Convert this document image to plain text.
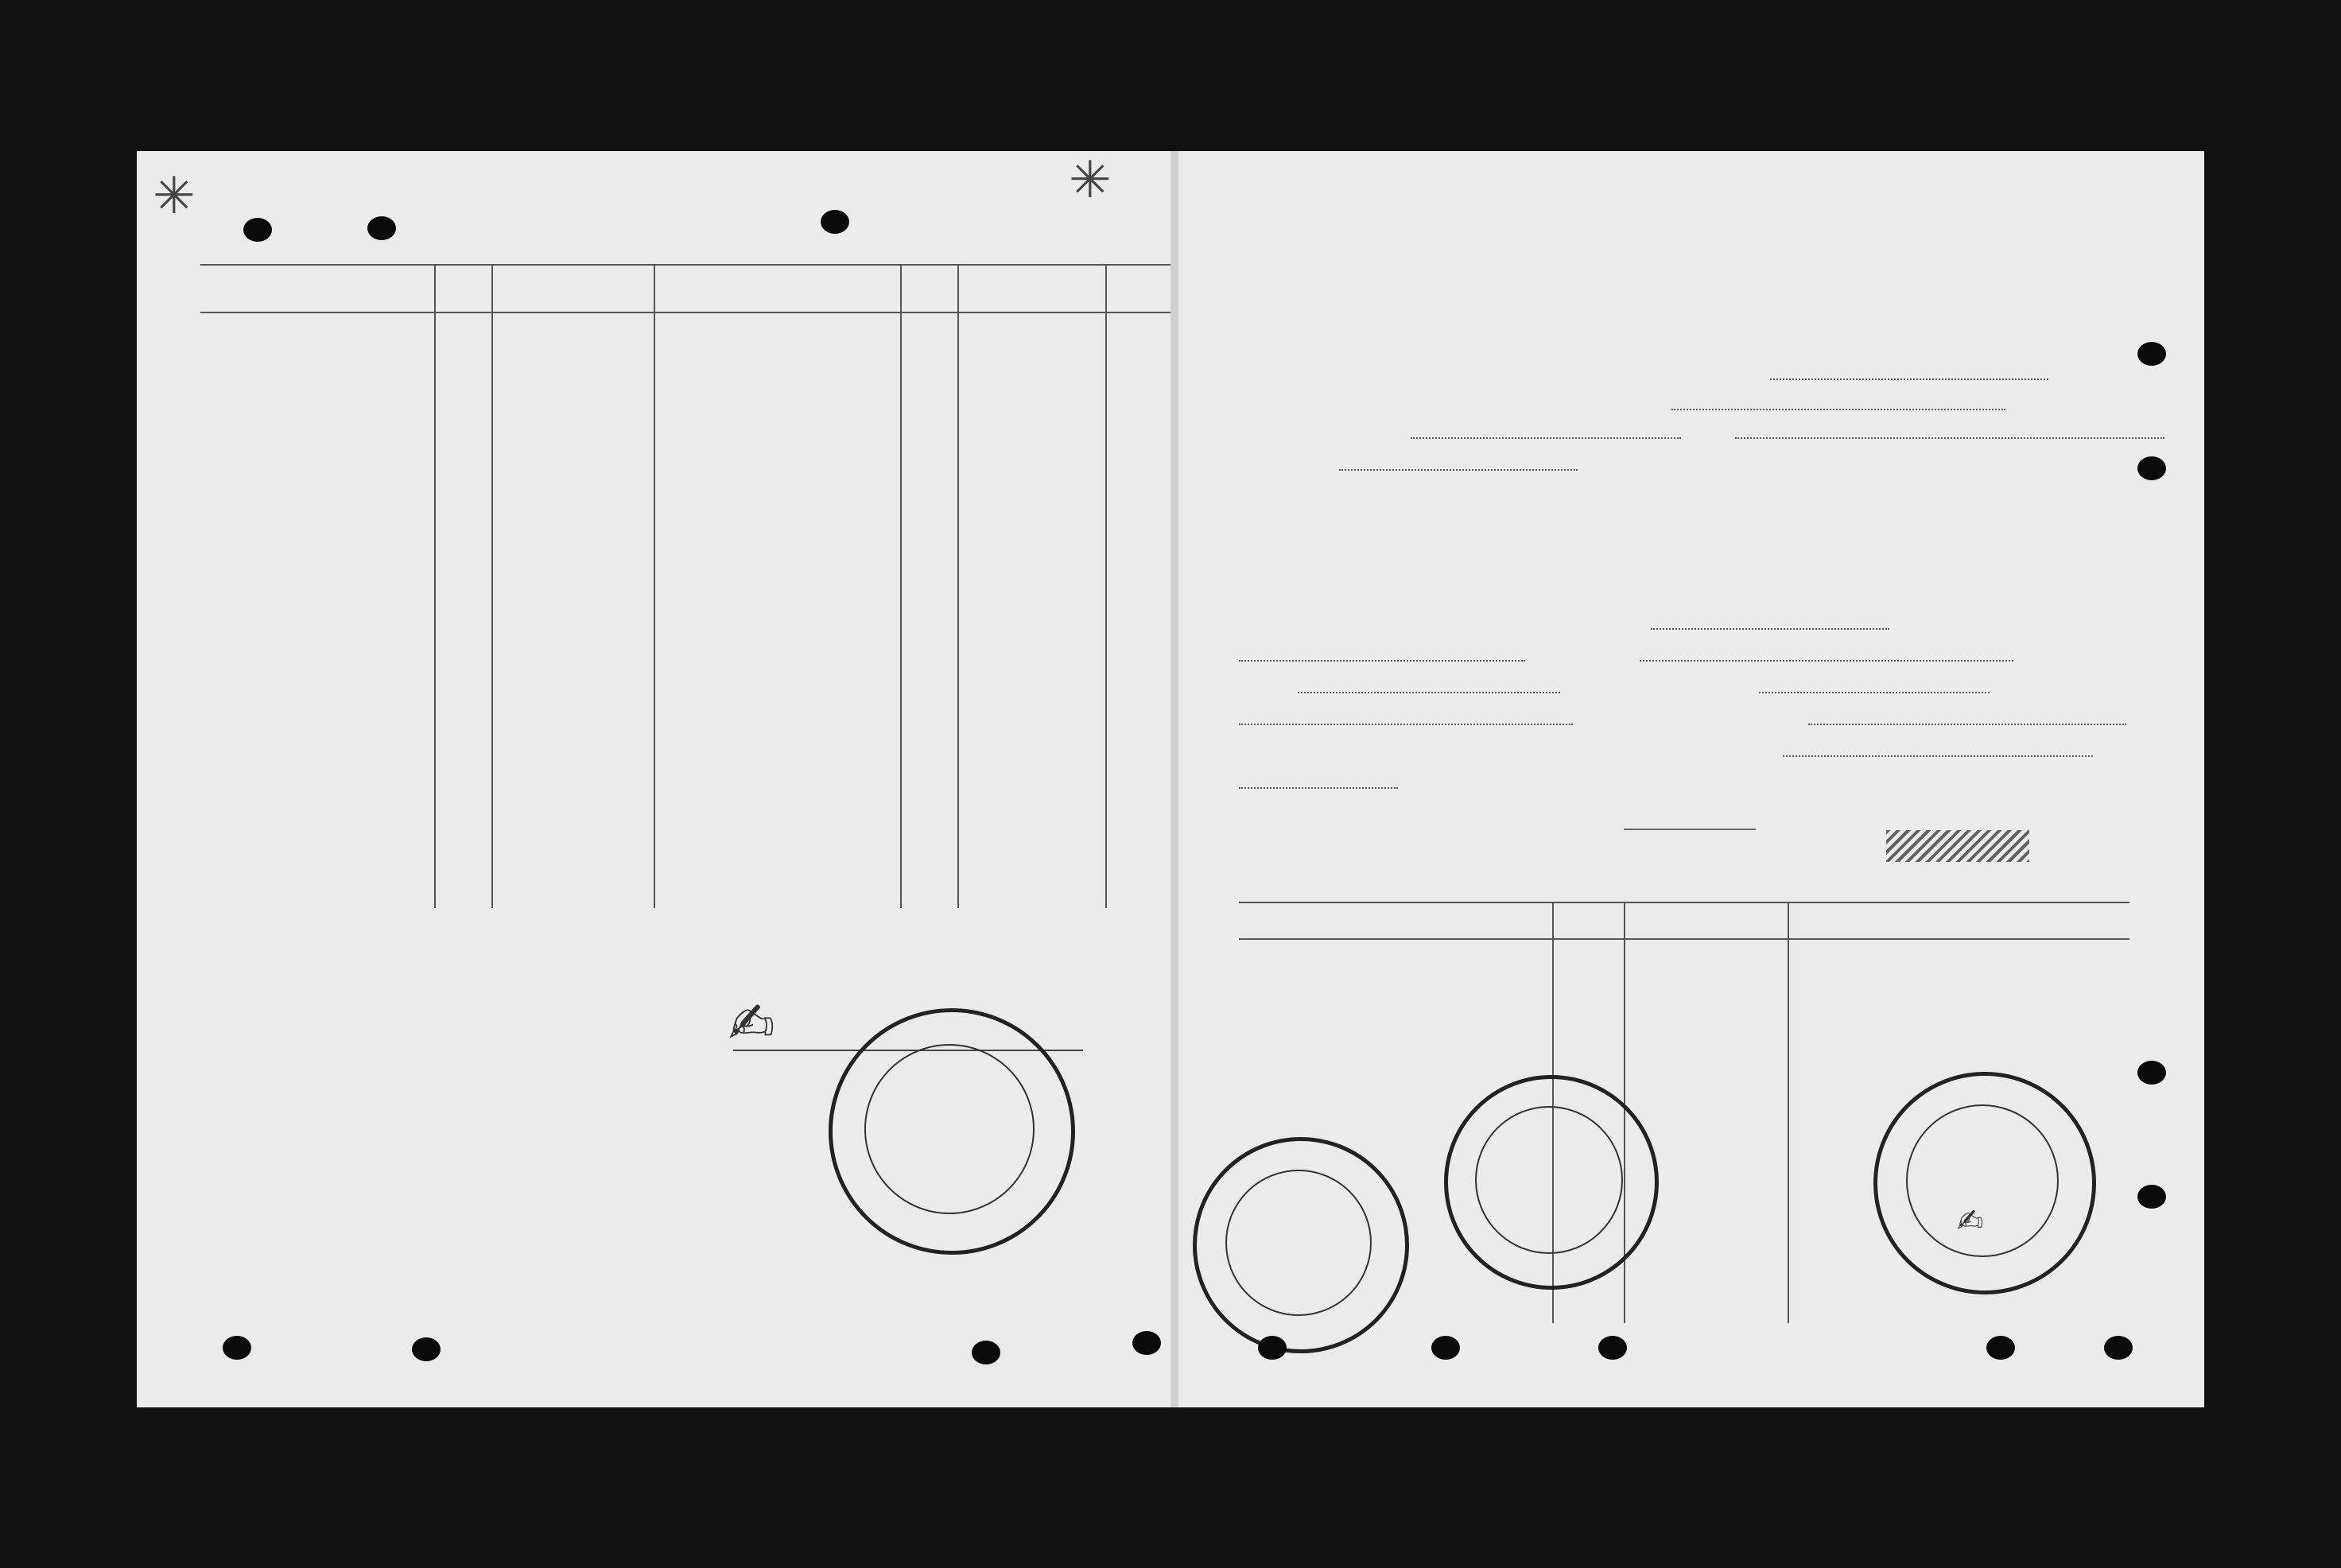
✳	✳
✍︎
✍︎
